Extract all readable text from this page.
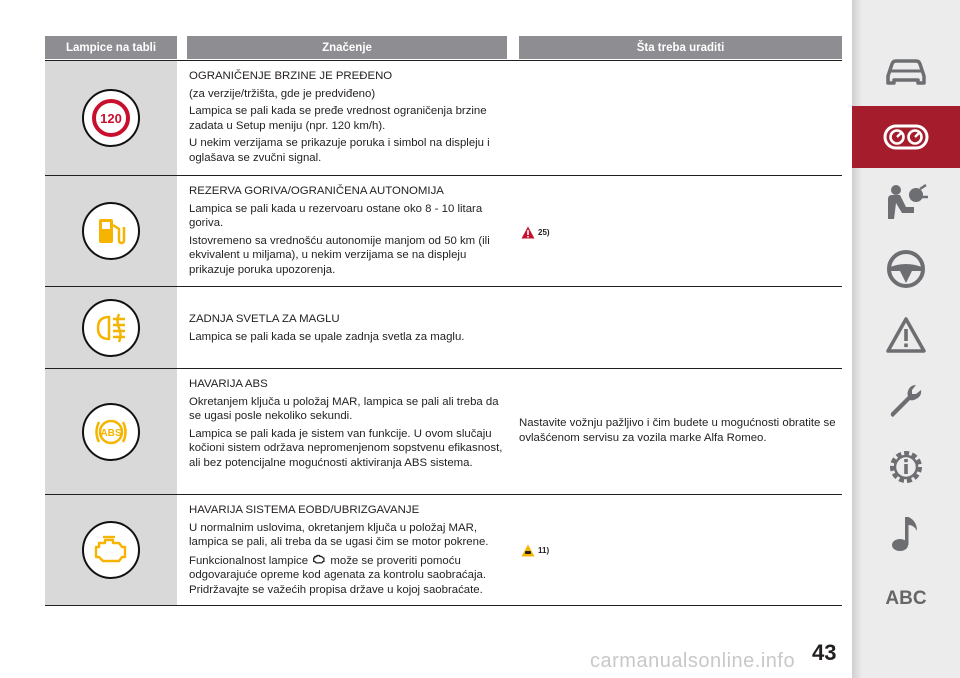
Lampice na tabli	Značenje	Šta treba uraditi
120
OGRANIČENJE BRZINE JE PREĐENO

(za verzije/tržišta, gde je predviđeno)

Lampica se pali kada se pređe vrednost ograničenja brzine zadata u Setup meniju (npr. 120 km/h).

U nekim verzijama se prikazuje poruka i simbol na displeju i oglašava se zvučni signal.

REZERVA GORIVA/OGRANIČENA AUTONOMIJA

Lampica se pali kada u rezervoaru ostane oko 8 - 10 litara goriva.

Istovremeno sa vrednošću autonomije manjom od 50 km (ili ekvivalent u miljama), u nekim verzijama se na displeju prikazuje poruka upozorenja.

ZADNJA SVETLA ZA MAGLU

Lampica se pali kada se upale zadnja svetla za maglu.

ABS
HAVARIJA ABS

Okretanjem ključa u položaj MAR, lampica se pali ali treba da se ugasi posle nekoliko sekundi.

Lampica se pali kada je sistem van funkcije. U ovom slučaju kočioni sistem održava nepromenjenom sopstvenu efikasnost, ali bez potencijalne mogućnosti aktiviranja ABS sistema.

HAVARIJA SISTEMA EOBD/UBRIZGAVANJE

U normalnim uslovima, okretanjem ključa u položaj MAR, lampica se pali, ali treba da se ugasi čim se motor pokrene.

Funkcionalnost lampice može se proveriti pomoću odgovarajuće opreme kod agenata za kontrolu saobraćaja. Pridržavajte se važećih propisa države u kojoj saobraćate.

25)
Nastavite vožnju pažljivo i čim budete u mogućnosti obratite se ovlašćenom servisu za vozila marke Alfa Romeo.
11)
ABC
43
carmanualsonline.info
